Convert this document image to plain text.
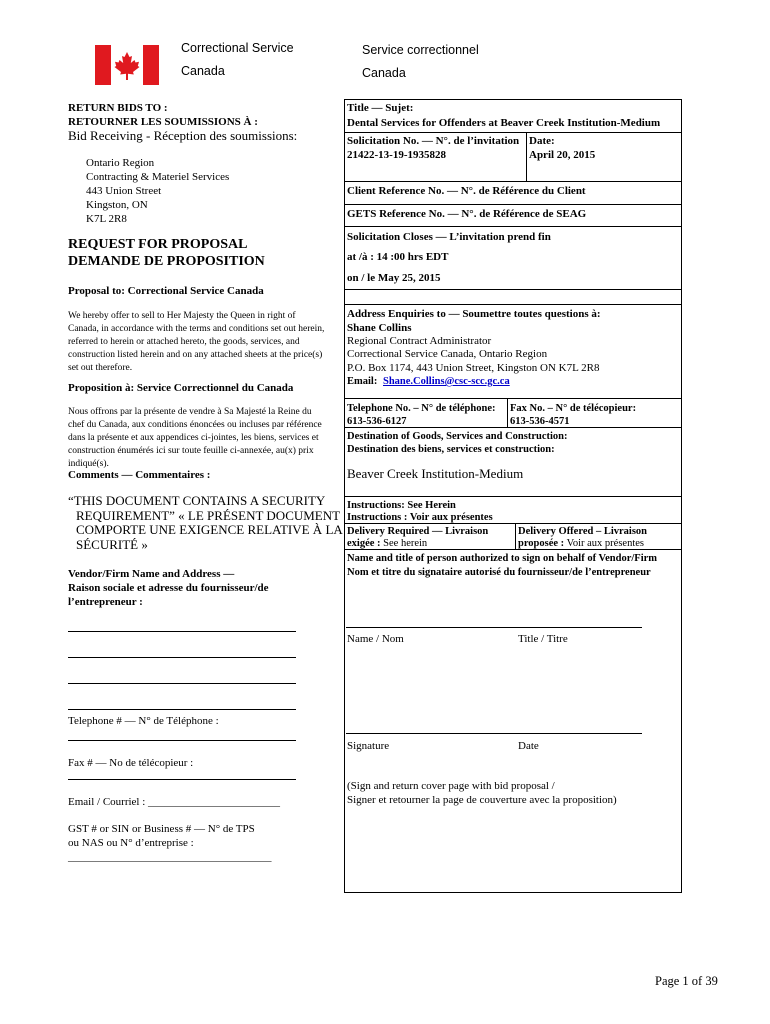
Correctional Service
Canada
Service correctionnel
Canada
RETURN BIDS TO :
RETOURNER LES SOUMISSIONS À :
Bid Receiving - Réception des soumissions:

Ontario Region

Contracting & Materiel Services

443 Union Street

Kingston, ON

K7L 2R8

REQUEST FOR PROPOSAL
DEMANDE DE PROPOSITION
Proposal to: Correctional Service Canada
We hereby offer to sell to Her Majesty the Queen in right of Canada, in accordance with the terms and conditions set out herein, referred to herein or attached hereto, the goods, services, and construction listed herein and on any attached sheets at the price(s) set out therefore.
Proposition à: Service Correctionnel du Canada
Nous offrons par la présente de vendre à Sa Majesté la Reine du chef du Canada, aux conditions énoncées ou incluses par référence dans la présente et aux appendices ci-jointes, les biens, services et construction énumérés ici sur toute feuille ci-annexée, au(x) prix indiqué(s).
Comments — Commentaires :

“THIS DOCUMENT CONTAINS A SECURITY

REQUIREMENT” « LE PRÉSENT DOCUMENT

COMPORTE UNE EXIGENCE RELATIVE À LA

SÉCURITÉ »

Vendor/Firm Name and Address —

Raison sociale et adresse du fournisseur/de

l’entrepreneur :

Telephone # — N° de Téléphone :
Fax # — No de télécopieur :
Email / Courriel : ________________________

GST # or SIN or Business # — N° de TPS

ou NAS ou N° d’entreprise :

_____________________________________

Title — Sujet:
Dental Services for Offenders at Beaver Creek Institution-Medium
Solicitation No. — N°. de l’invitation
21422-13-19-1935828
Date:
April 20, 2015
Client Reference No. — N°. de Référence du Client
GETS Reference No. — N°. de Référence de SEAG
Solicitation Closes — L’invitation prend fin
at /à : 14 :00 hrs EDT
on / le May 25, 2015
Address Enquiries to — Soumettre toutes questions à:
Shane Collins
Regional Contract Administrator
Correctional Service Canada, Ontario Region
P.O. Box 1174, 443 Union Street, Kingston ON K7L 2R8
Email: Shane.Collins@csc-scc.gc.ca
Telephone No. – N° de téléphone:
613-536-6127
Fax No. – N° de télécopieur:
613-536-4571
Destination of Goods, Services and Construction:
Destination des biens, services et construction:
Beaver Creek Institution-Medium
Instructions: See Herein
Instructions : Voir aux présentes
Delivery Required — Livraison
exigée : See herein
Delivery Offered – Livraison
proposée : Voir aux présentes
Name and title of person authorized to sign on behalf of Vendor/Firm
Nom et titre du signataire autorisé du fournisseur/de l’entrepreneur
Name / Nom	Title / Titre
Signature	Date
(Sign and return cover page with bid proposal /
Signer et retourner la page de couverture avec la proposition)
Page 1 of 39
